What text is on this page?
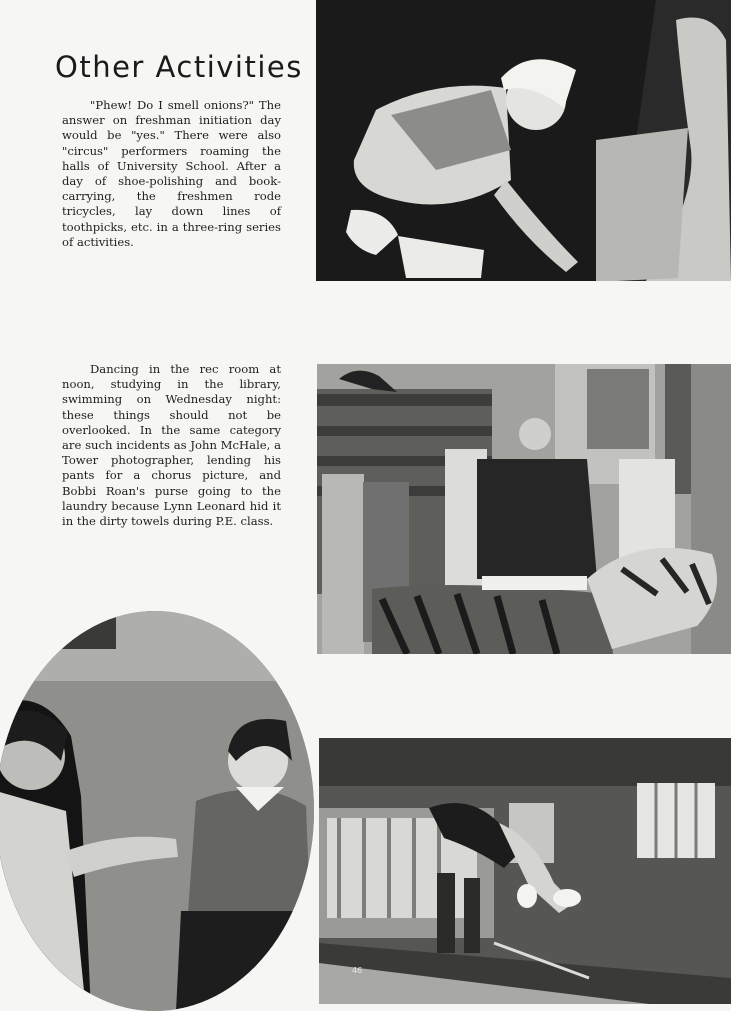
Other Activities

"Phew! Do I smell onions?" The answer on freshman initiation day would be "yes." There were also "circus" performers roaming the halls of University School. After a day of shoe-polishing and book-carrying, the freshmen rode tricycles, lay down lines of toothpicks, etc. in a three-ring series of activities.

Dancing in the rec room at noon, studying in the library, swimming on Wednesday night: these things should not be overlooked. In the same category are such incidents as John McHale, a Tower photographer, lending his pants for a chorus picture, and Bobbi Roan's purse going to the laundry because Lynn Leonard hid it in the dirty towels during P.E. class.

46
